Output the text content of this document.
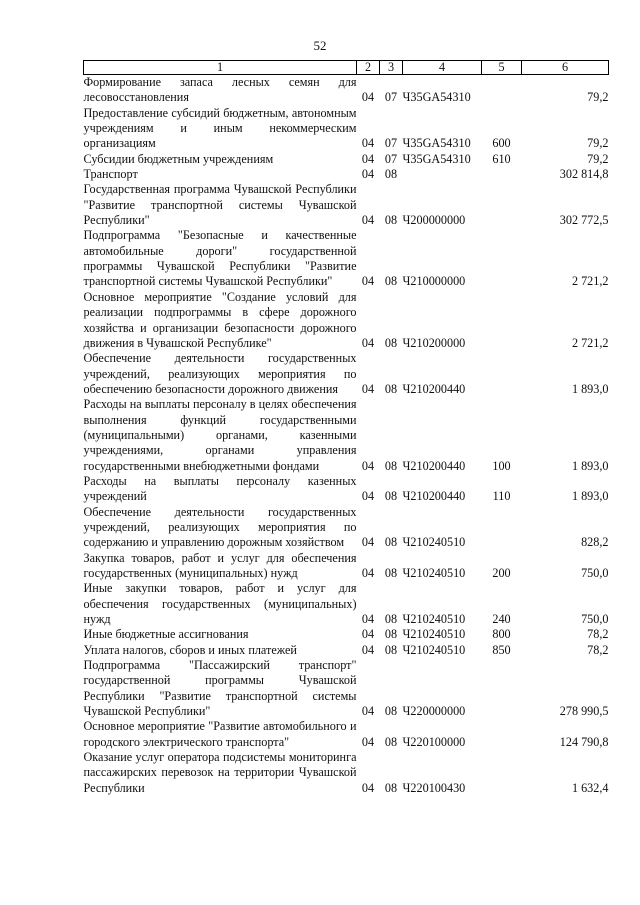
52
1	2	3	4	5	6
Формирование запаса лесных семян для лесовосстановления	04	07	Ч35GA54310		79,2
Предоставление субсидий бюджетным, автономным учреждениям и иным некоммерческим организациям	04	07	Ч35GA54310	600	79,2
Субсидии бюджетным учреждениям	04	07	Ч35GA54310	610	79,2
Транспорт	04	08			302 814,8
Государственная программа Чувашской Республики "Развитие транспортной системы Чувашской Республики"	04	08	Ч200000000		302 772,5
Подпрограмма "Безопасные и качественные автомобильные дороги" государственной программы Чувашской Республики "Развитие транспортной системы Чувашской Республики"	04	08	Ч210000000		2 721,2
Основное мероприятие "Создание условий для реализации подпрограммы в сфере дорожного хозяйства и организации безопасности дорожного движения в Чувашской Республике"	04	08	Ч210200000		2 721,2
Обеспечение деятельности государственных учреждений, реализующих мероприятия по обеспечению безопасности дорожного движения	04	08	Ч210200440		1 893,0
Расходы на выплаты персоналу в целях обеспечения выполнения функций государственными (муниципальными) органами, казенными учреждениями, органами управления государственными внебюджетными фондами	04	08	Ч210200440	100	1 893,0
Расходы на выплаты персоналу казенных учреждений	04	08	Ч210200440	110	1 893,0
Обеспечение деятельности государственных учреждений, реализующих мероприятия по содержанию и управлению дорожным хозяйством	04	08	Ч210240510		828,2
Закупка товаров, работ и услуг для обеспечения государственных (муниципальных) нужд	04	08	Ч210240510	200	750,0
Иные закупки товаров, работ и услуг для обеспечения государственных (муниципальных) нужд	04	08	Ч210240510	240	750,0
Иные бюджетные ассигнования	04	08	Ч210240510	800	78,2
Уплата налогов, сборов и иных платежей	04	08	Ч210240510	850	78,2
Подпрограмма "Пассажирский транспорт" государственной программы Чувашской Республики "Развитие транспортной системы Чувашской Республики"	04	08	Ч220000000		278 990,5
Основное мероприятие "Развитие автомобильного и городского электрического транспорта"	04	08	Ч220100000		124 790,8
Оказание услуг оператора подсистемы мониторинга пассажирских перевозок на территории Чувашской Республики	04	08	Ч220100430		1 632,4
